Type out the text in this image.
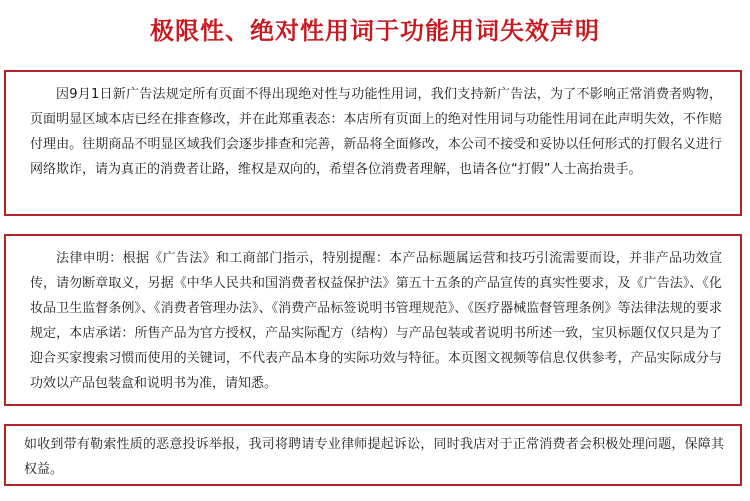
极限性、绝对性用词于功能用词失效声明

因9月1日新广告法规定所有页面不得出现绝对性与功能性用词，我们支持新广告法，为了不影响正常消费者购物，页面明显区域本店已经在排查修改，并在此郑重表态：本店所有页面上的绝对性用词与功能性用词在此声明失效，不作赔付理由。往期商品不明显区域我们会逐步排查和完善，新品将全面修改，本公司不接受和妥协以任何形式的打假名义进行网络欺诈，请为真正的消费者让路，维权是双向的，希望各位消费者理解，也请各位“打假”人士高抬贵手。

法律申明：根据《广告法》和工商部门指示，特别提醒：本产品标题属运营和技巧引流需要而设，并非产品功效宣传，请勿断章取义，另据《中华人民共和国消费者权益保护法》第五十五条的产品宣传的真实性要求，及《广告法》、《化妆品卫生监督条例》、《消费者管理办法》、《消费产品标签说明书管理规范》、《医疗器械监督管理条例》等法律法规的要求规定，本店承诺：所售产品为官方授权，产品实际配方（结构）与产品包装或者说明书所述一致，宝贝标题仅仅只是为了迎合买家搜索习惯而使用的关键词，不代表产品本身的实际功效与特征。本页图文视频等信息仅供参考，产品实际成分与功效以产品包装盒和说明书为准，请知悉。

如收到带有勒索性质的恶意投诉举报，我司将聘请专业律师提起诉讼，同时我店对于正常消费者会积极处理问题，保障其权益。
